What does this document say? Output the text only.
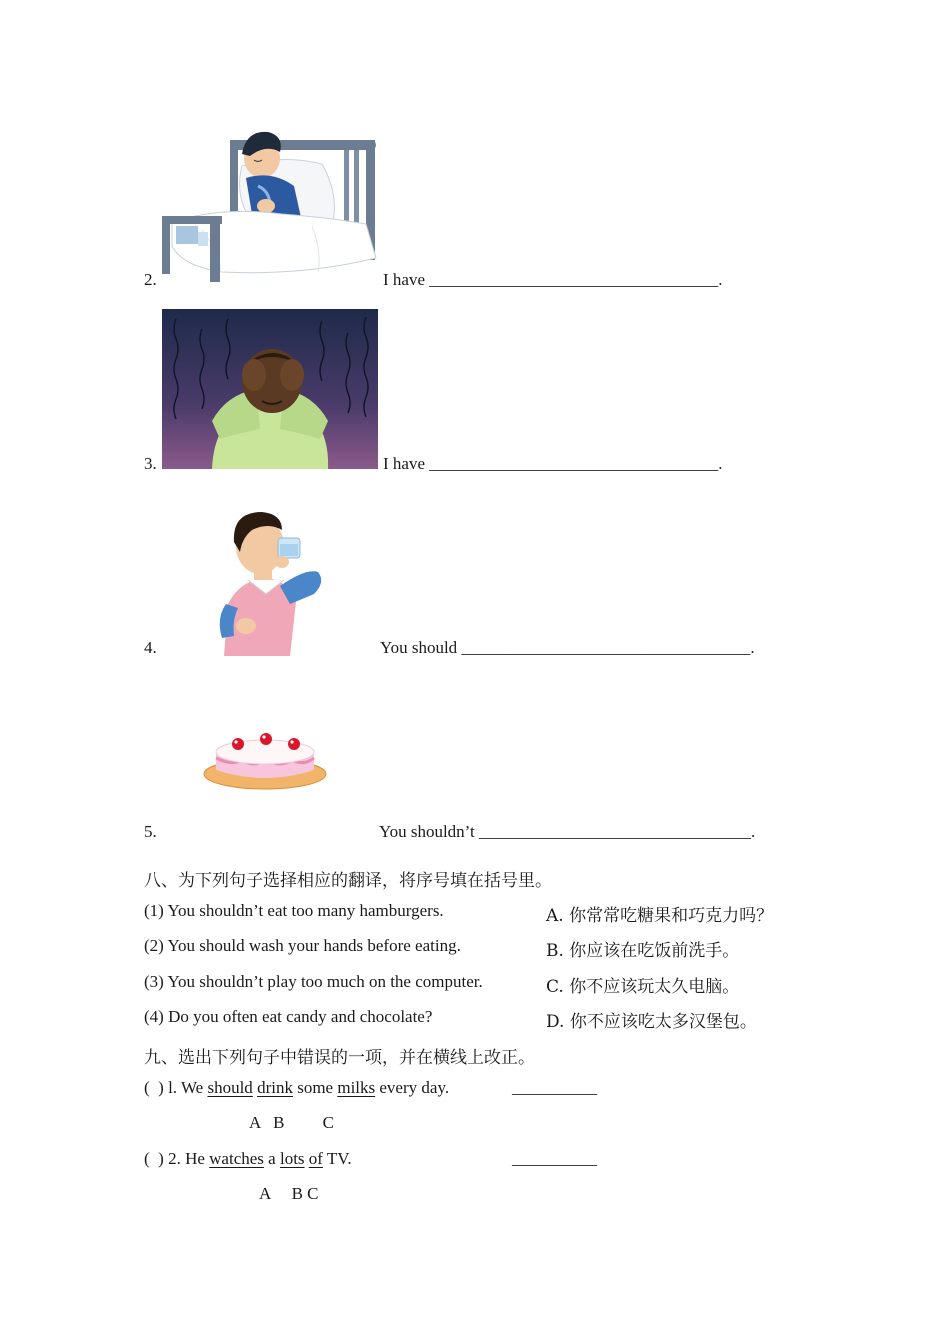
2.	I have __________________________________.
3.	I have __________________________________.
4.	You should __________________________________.
5.	You shouldn’t ________________________________.
八、为下列句子选择相应的翻译，将序号填在括号里。
(1) You shouldn’t eat too many hamburgers.	A. 你常常吃糖果和巧克力吗？
(2) You should wash your hands before eating.	B. 你应该在吃饭前洗手。
(3) You shouldn’t play too much on the computer.	C. 你不应该玩太久电脑。
(4) Do you often eat candy and chocolate?	D. 你不应该吃太多汉堡包。
九、选出下列句子中错误的一项，并在横线上改正。
(  ) l. We should drink some milks every day.	__________
A   B         C
(  ) 2. He watches a lots of TV.	__________
A     B C
